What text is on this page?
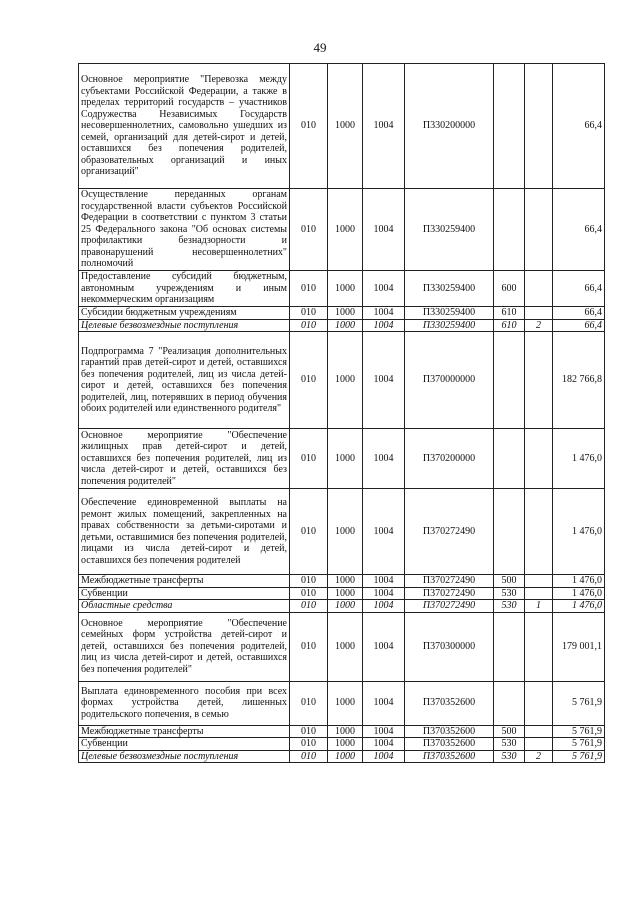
49
Основное мероприятие "Перевозка между субъектами Российской Федерации, а также в пределах территорий государств – участников Содружества Независимых Государств несовершеннолетних, самовольно ушедших из семей, организаций для детей-сирот и детей, оставшихся без попечения родителей, образовательных организаций и иных организаций"	010	1000	1004	П330200000			66,4
Осуществление переданных органам государственной власти субъектов Российской Федерации в соответствии с пунктом 3 статьи 25 Федерального закона "Об основах системы профилактики безнадзорности и правонарушений несовершеннолетних" полномочий	010	1000	1004	П330259400			66,4
Предоставление субсидий бюджетным, автономным учреждениям и иным некоммерческим организациям	010	1000	1004	П330259400	600		66,4
Субсидии бюджетным учреждениям	010	1000	1004	П330259400	610		66,4
Целевые безвозмездные поступления	010	1000	1004	П330259400	610	2	66,4
Подпрограмма 7 "Реализация дополнительных гарантий прав детей-сирот и детей, оставшихся без попечения родителей, лиц из числа детей-сирот и детей, оставшихся без попечения родителей, лиц, потерявших в период обучения обоих родителей или единственного родителя"	010	1000	1004	П370000000			182 766,8
Основное мероприятие "Обеспечение жилищных прав детей-сирот и детей, оставшихся без попечения родителей, лиц из числа детей-сирот и детей, оставшихся без попечения родителей"	010	1000	1004	П370200000			1 476,0
Обеспечение единовременной выплаты на ремонт жилых помещений, закрепленных на правах собственности за детьми-сиротами и детьми, оставшимися без попечения родителей, лицами из числа детей-сирот и детей, оставшихся без попечения родителей	010	1000	1004	П370272490			1 476,0
Межбюджетные трансферты	010	1000	1004	П370272490	500		1 476,0
Субвенции	010	1000	1004	П370272490	530		1 476,0
Областные средства	010	1000	1004	П370272490	530	1	1 476,0
Основное мероприятие "Обеспечение семейных форм устройства детей-сирот и детей, оставшихся без попечения родителей, лиц из числа детей-сирот и детей, оставшихся без попечения родителей"	010	1000	1004	П370300000			179 001,1
Выплата единовременного пособия при всех формах устройства детей, лишенных родительского попечения, в семью	010	1000	1004	П370352600			5 761,9
Межбюджетные трансферты	010	1000	1004	П370352600	500		5 761,9
Субвенции	010	1000	1004	П370352600	530		5 761,9
Целевые безвозмездные поступления	010	1000	1004	П370352600	530	2	5 761,9
